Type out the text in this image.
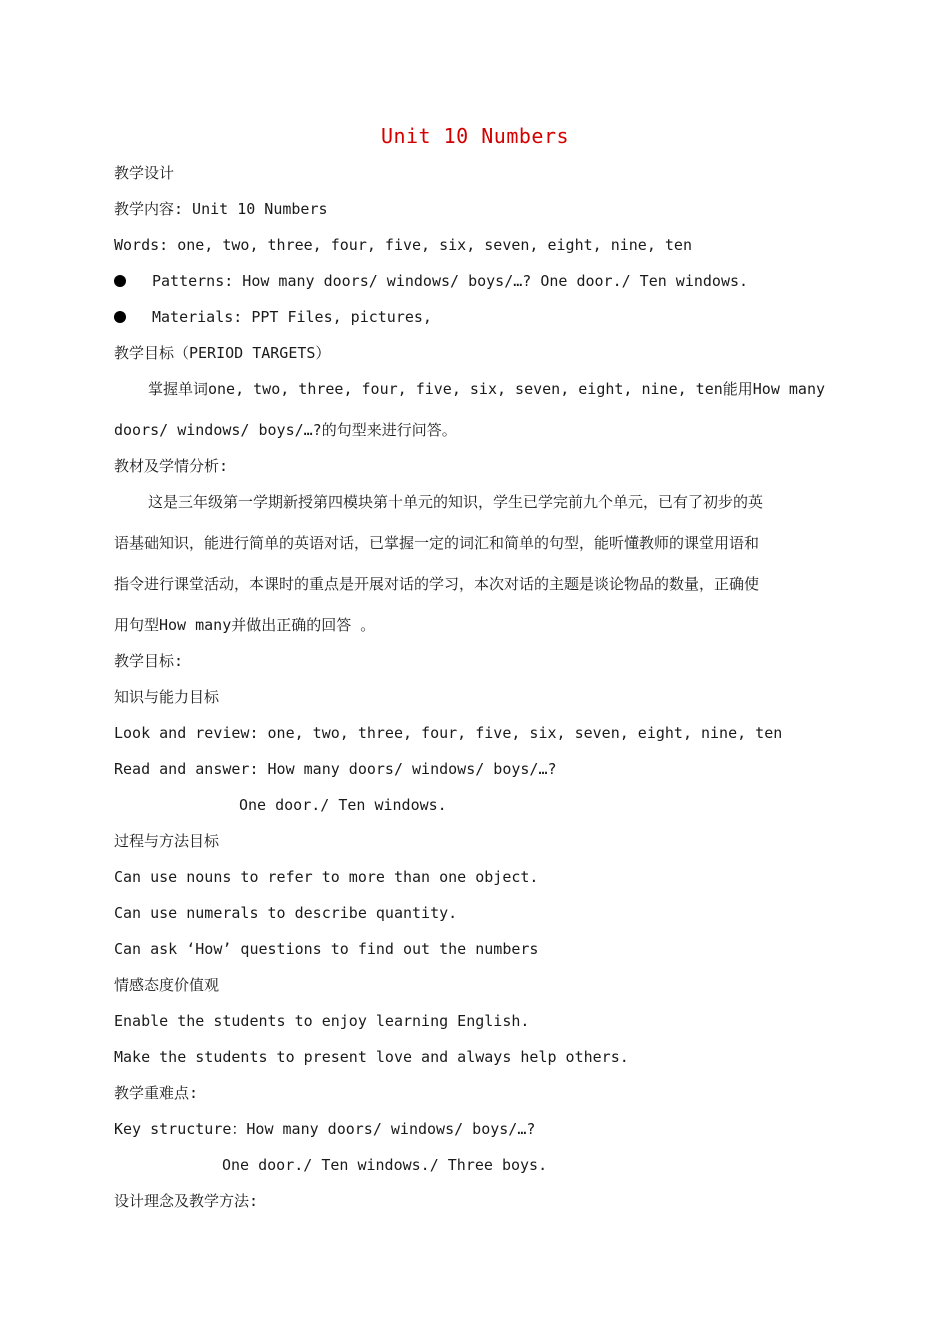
Unit 10 Numbers
教学设计
教学内容: Unit 10 Numbers
Words: one, two, three, four, five, six, seven, eight, nine, ten
Patterns: How many doors/ windows/ boys/…? One door./ Ten windows.
Materials: PPT Files, pictures,
教学目标（PERIOD TARGETS）
掌握单词one, two, three, four, five, six, seven, eight, nine, ten能用How many
doors/ windows/ boys/…?的句型来进行问答。
教材及学情分析:
这是三年级第一学期新授第四模块第十单元的知识，学生已学完前九个单元，已有了初步的英
语基础知识，能进行简单的英语对话，已掌握一定的词汇和简单的句型，能听懂教师的课堂用语和
指令进行课堂活动，本课时的重点是开展对话的学习，本次对话的主题是谈论物品的数量，正确使
用句型How many并做出正确的回答 。
教学目标:
知识与能力目标
Look and review: one, two, three, four, five, six, seven, eight, nine, ten
Read and answer: How many doors/ windows/ boys/…?
One door./ Ten windows.
过程与方法目标
Can use nouns to refer to more than one object.
Can use numerals to describe quantity.
Can ask ‘How’ questions to find out the numbers
情感态度价值观
Enable the students to enjoy learning English.
Make the students to present love and always help others.
教学重难点:
Key structure：How many doors/ windows/ boys/…?
One door./ Ten windows./ Three boys.
设计理念及教学方法:
